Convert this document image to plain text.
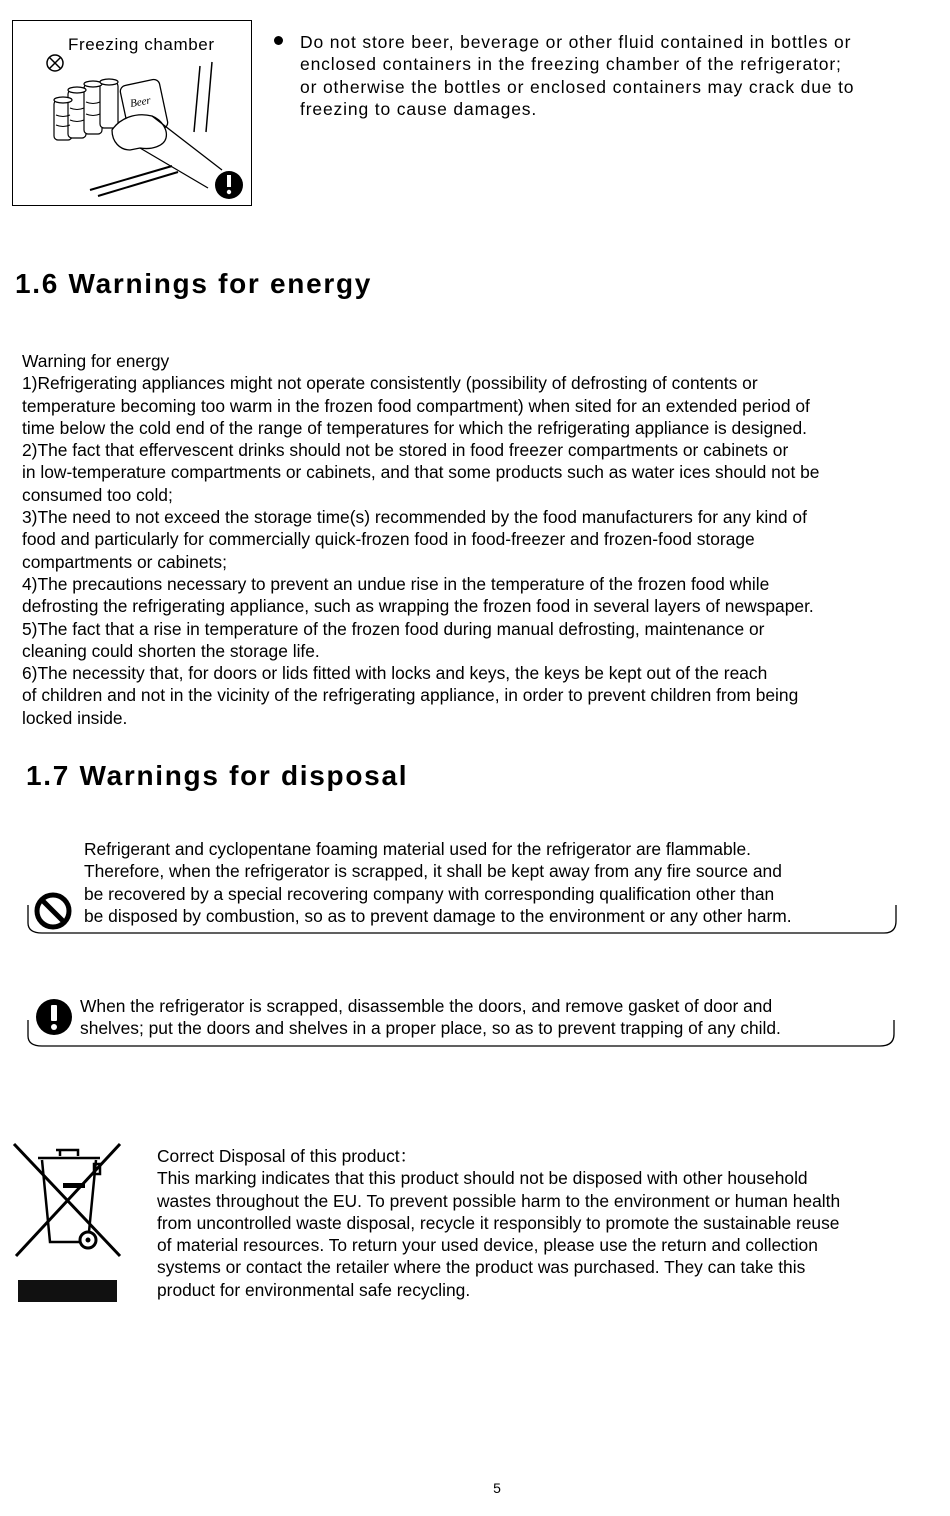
Beer
Freezing chamber	Do not store beer, beverage or other fluid contained in bottles or
enclosed containers in the freezing chamber of the refrigerator;
or otherwise the bottles or enclosed containers may crack due to
freezing to cause damages.
1.6 Warnings for energy
Warning for energy
1)Refrigerating appliances might not operate consistently (possibility of defrosting of contents or
temperature becoming too warm in the frozen food compartment) when sited for an extended period of
time below the cold end of the range of temperatures for which the refrigerating appliance is designed.
2)The fact that effervescent drinks should not be stored in food freezer compartments or cabinets or
in low-temperature compartments or cabinets, and that some products such as water ices should not be
consumed too cold;
3)The need to not exceed the storage time(s) recommended by the food manufacturers for any kind of
food and particularly for commercially quick-frozen food in food-freezer and frozen-food storage
compartments or cabinets;
4)The precautions necessary to prevent an undue rise in the temperature of the frozen food while
defrosting the refrigerating appliance, such as wrapping the frozen food in several layers of newspaper.
5)The fact that a rise in temperature of the frozen food during manual defrosting, maintenance or
cleaning could shorten the storage life.
6)The necessity that, for doors or lids fitted with locks and keys, the keys be kept out of the reach
of children and not in the vicinity of the refrigerating appliance, in order to prevent children from being
locked inside.
1.7 Warnings for disposal
Refrigerant and cyclopentane foaming material used for the refrigerator are flammable.
Therefore, when the refrigerator is scrapped, it shall be kept away from any fire source and
be recovered by a special recovering company with corresponding qualification other than
be disposed by combustion, so as to prevent damage to the environment or any other harm.
When the refrigerator is scrapped, disassemble the doors, and remove gasket of door and
shelves; put the doors and shelves in a proper place, so as to prevent trapping of any child.
Correct Disposal of this product：
This marking indicates that this product should not be disposed with other household
wastes throughout the EU. To prevent possible harm to the environment or human health
from uncontrolled waste disposal, recycle it responsibly to promote the sustainable reuse
of material resources. To return your used device, please use the return and collection
systems or contact the retailer where the product was purchased. They can take this
product for environmental safe recycling.
5
